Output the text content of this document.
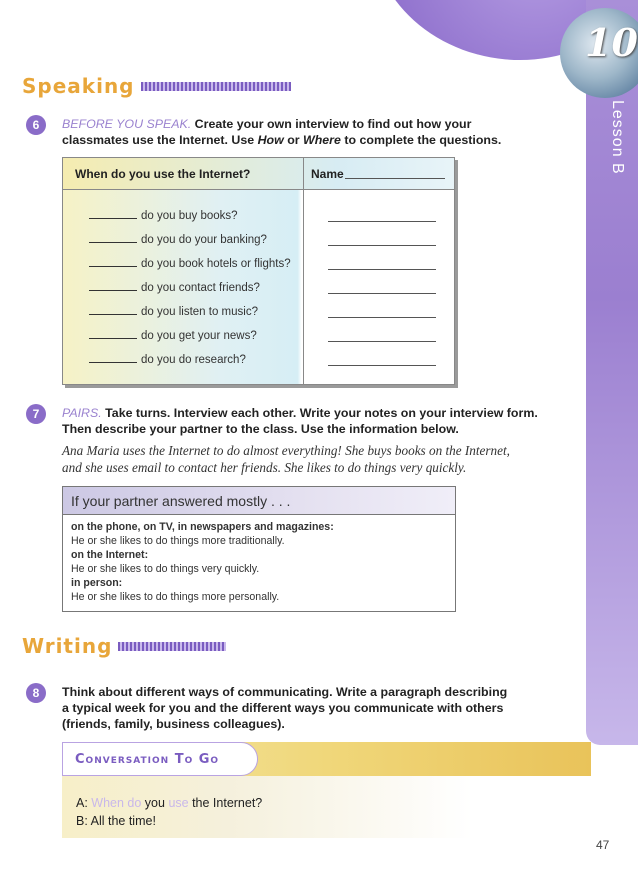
10
Lesson B
Speaking
6	BEFORE YOU SPEAK. Create your own interview to find out how your
classmates use the Internet. Use How or Where to complete the questions.
When do you use the Internet?	Name
do you buy books?
do you do your banking?
do you book hotels or flights?
do you contact friends?
do you listen to music?
do you get your news?
do you do research?
7	PAIRS. Take turns. Interview each other. Write your notes on your interview form.
Then describe your partner to the class. Use the information below.
Ana Maria uses the Internet to do almost everything! She buys books on the Internet,
and she uses email to contact her friends. She likes to do things very quickly.
If your partner answered mostly . . .
on the phone, on TV, in newspapers and magazines:
He or she likes to do things more traditionally.
on the Internet:
He or she likes to do things very quickly.
in person:
He or she likes to do things more personally.
Writing
8	Think about different ways of communicating. Write a paragraph describing
a typical week for you and the different ways you communicate with others
(friends, family, business colleagues).
Conversation To Go
A: When do you use the Internet?
B: All the time!
47
